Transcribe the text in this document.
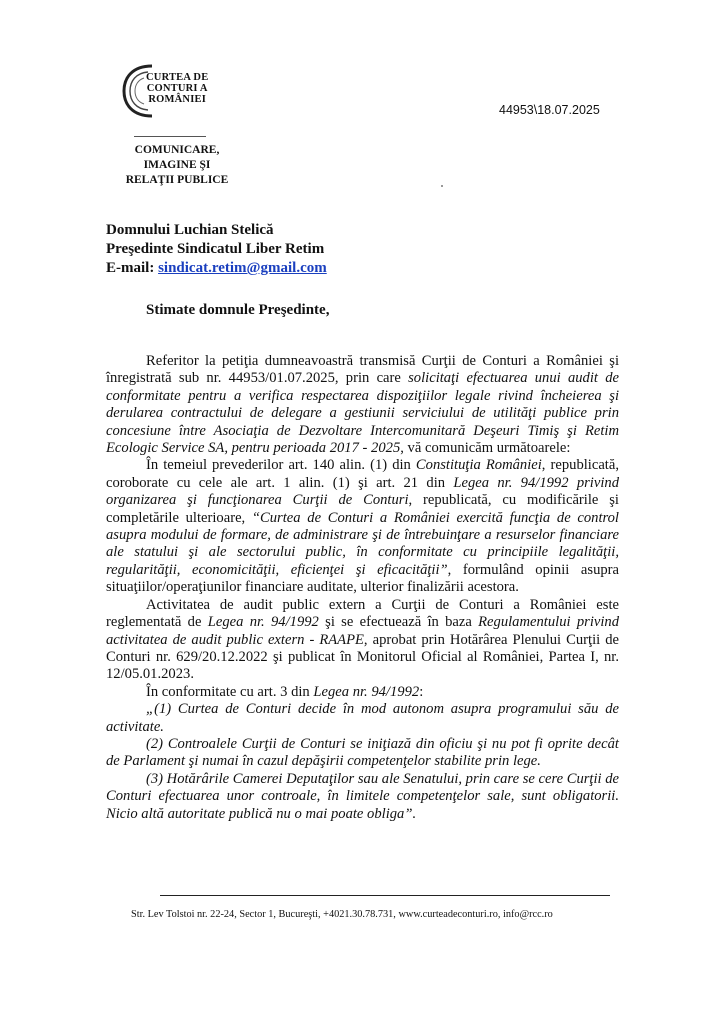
CURTEA DE
CONTURI A
ROMÂNIEI
COMUNICARE,
IMAGINE ŞI
RELAŢII PUBLICE
44953\18.07.2025
Domnului Luchian Stelică
Preşedinte Sindicatul Liber Retim
E-mail: sindicat.retim@gmail.com
Stimate domnule Preşedinte,

Referitor la petiţia dumneavoastră transmisă Curţii de Conturi a României şi înregistrată sub nr. 44953/01.07.2025, prin care solicitaţi efectuarea unui audit de conformitate pentru a verifica respectarea dispoziţiilor legale rivind încheierea şi derularea contractului de delegare a gestiunii serviciului de utilităţi publice prin concesiune între Asociaţia de Dezvoltare Intercomunitară Deşeuri Timiş şi Retim Ecologic Service SA, pentru perioada 2017 - 2025, vă comunicăm următoarele:

În temeiul prevederilor art. 140 alin. (1) din Constituţia României, republicată, coroborate cu cele ale art. 1 alin. (1) şi art. 21 din Legea nr. 94/1992 privind organizarea şi funcţionarea Curţii de Conturi, republicată, cu modificările şi completările ulterioare, “Curtea de Conturi a României exercită funcţia de control asupra modului de formare, de administrare şi de întrebuinţare a resurselor financiare ale statului şi ale sectorului public, în conformitate cu principiile legalităţii, regularităţii, economicităţii, eficienţei şi eficacităţii”, formulând opinii asupra situaţiilor/operaţiunilor financiare auditate, ulterior finalizării acestora.

Activitatea de audit public extern a Curţii de Conturi a României este reglementată de Legea nr. 94/1992 şi se efectuează în baza Regulamentului privind activitatea de audit public extern - RAAPE, aprobat prin Hotărârea Plenului Curţii de Conturi nr. 629/20.12.2022 şi publicat în Monitorul Oficial al României, Partea I, nr. 12/05.01.2023.

În conformitate cu art. 3 din Legea nr. 94/1992:

„(1) Curtea de Conturi decide în mod autonom asupra programului său de activitate.

(2) Controalele Curţii de Conturi se iniţiază din oficiu şi nu pot fi oprite decât de Parlament şi numai în cazul depăşirii competenţelor stabilite prin lege.

(3) Hotărârile Camerei Deputaţilor sau ale Senatului, prin care se cere Curţii de Conturi efectuarea unor controale, în limitele competenţelor sale, sunt obligatorii. Nicio altă autoritate publică nu o mai poate obliga”.

Str. Lev Tolstoi nr. 22-24, Sector 1, Bucureşti, +4021.30.78.731, www.curteadeconturi.ro, info@rcc.ro
